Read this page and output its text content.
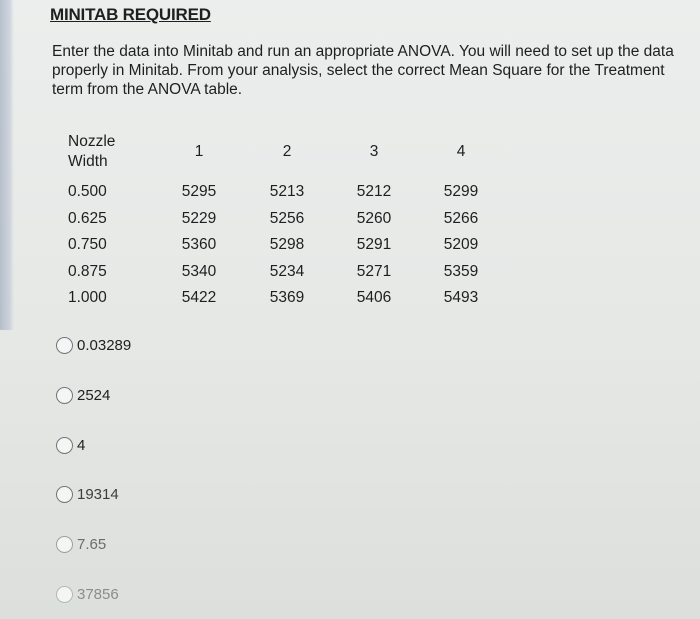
MINITAB REQUIRED
Enter the data into Minitab and run an appropriate ANOVA. You will need to set up the data properly in Minitab. From your analysis, select the correct Mean Square for the Treatment term from the ANOVA table.
Nozzle
Width	1	2	3	4
0.500	5295	5213	5212	5299
0.625	5229	5256	5260	5266
0.750	5360	5298	5291	5209
0.875	5340	5234	5271	5359
1.000	5422	5369	5406	5493
0.03289
2524
4
19314
7.65
37856
